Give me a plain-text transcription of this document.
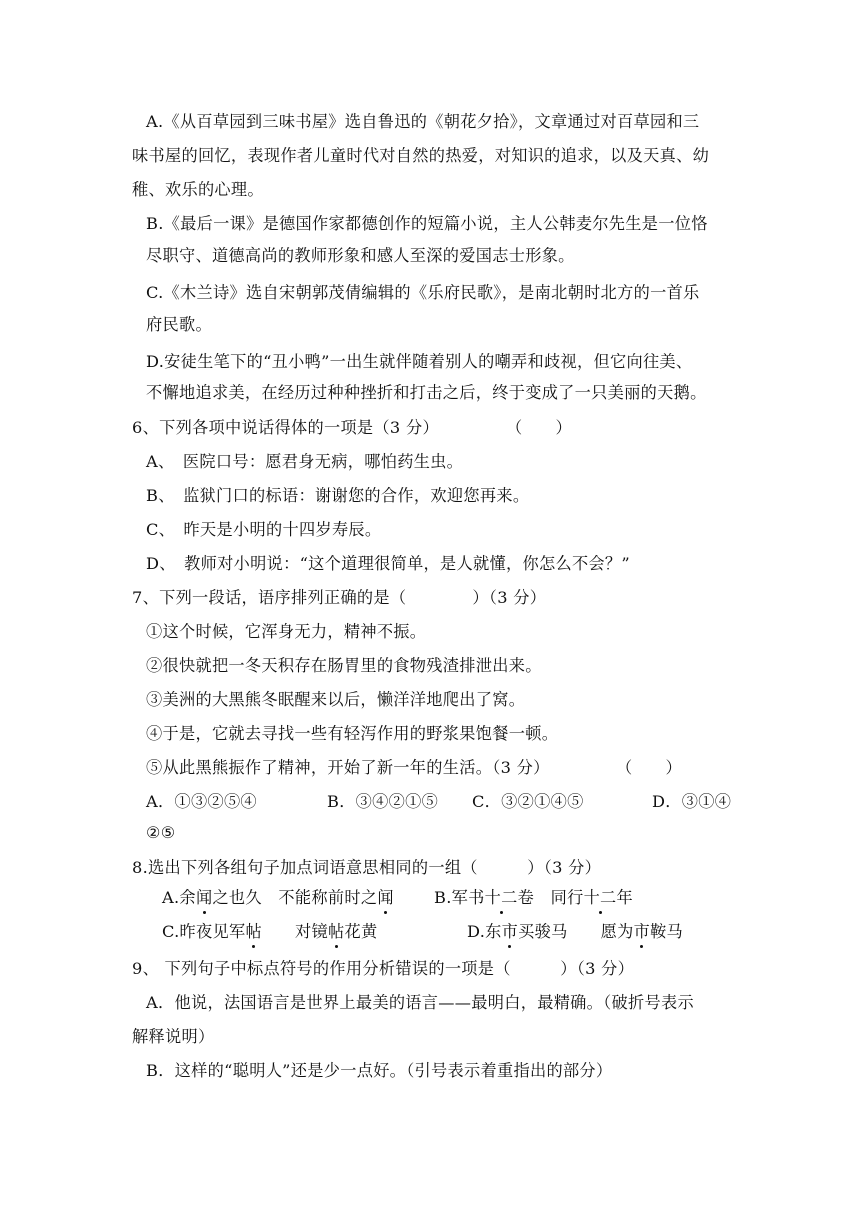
A.《从百草园到三味书屋》选自鲁迅的《朝花夕拾》，文章通过对百草园和三
味书屋的回忆，表现作者儿童时代对自然的热爱，对知识的追求，以及天真、幼
稚、欢乐的心理。
B.《最后一课》是德国作家都德创作的短篇小说，主人公韩麦尔先生是一位恪
尽职守、道德高尚的教师形象和感人至深的爱国志士形象。
C.《木兰诗》选自宋朝郭茂倩编辑的《乐府民歌》，是南北朝时北方的一首乐
府民歌。
D.安徒生笔下的“丑小鸭”一出生就伴随着别人的嘲弄和歧视，但它向往美、
不懈地追求美，在经历过种种挫折和打击之后，终于变成了一只美丽的天鹅。
6、下列各项中说话得体的一项是（3 分）	（　　）
A、　医院口号：愿君身无病，哪怕药生虫。
B、　监狱门口的标语：谢谢您的合作，欢迎您再来。
C、　昨天是小明的十四岁寿辰。
D、　教师对小明说：“这个道理很简单，是人就懂，你怎么不会？”
7、下列一段话，语序排列正确的是（　　　　）（3 分）
①这个时候，它浑身无力，精神不振。
②很快就把一冬天积存在肠胃里的食物残渣排泄出来。
③美洲的大黑熊冬眠醒来以后，懒洋洋地爬出了窝。
④于是，它就去寻找一些有轻泻作用的野浆果饱餐一顿。
⑤从此黑熊振作了精神，开始了新一年的生活。（3 分）	（　　）
A．①③②⑤④	B．③④②①⑤ C．③②①④⑤	D．③①④
②⑤
8.选出下列各组句子加点词语意思相同的一组（　　　）（3 分）
A.余闻之也久　不能称前时之闻 B.军书十二卷　同行十二年
C.昨夜见军帖　　对镜帖花黄	D.东市买骏马　　愿为市鞍马
9、 下列句子中标点符号的作用分析错误的一项是（　　　）（3 分）
A．他说，法国语言是世界上最美的语言——最明白，最精确。（破折号表示
解释说明）
B．这样的“聪明人”还是少一点好。（引号表示着重指出的部分）
